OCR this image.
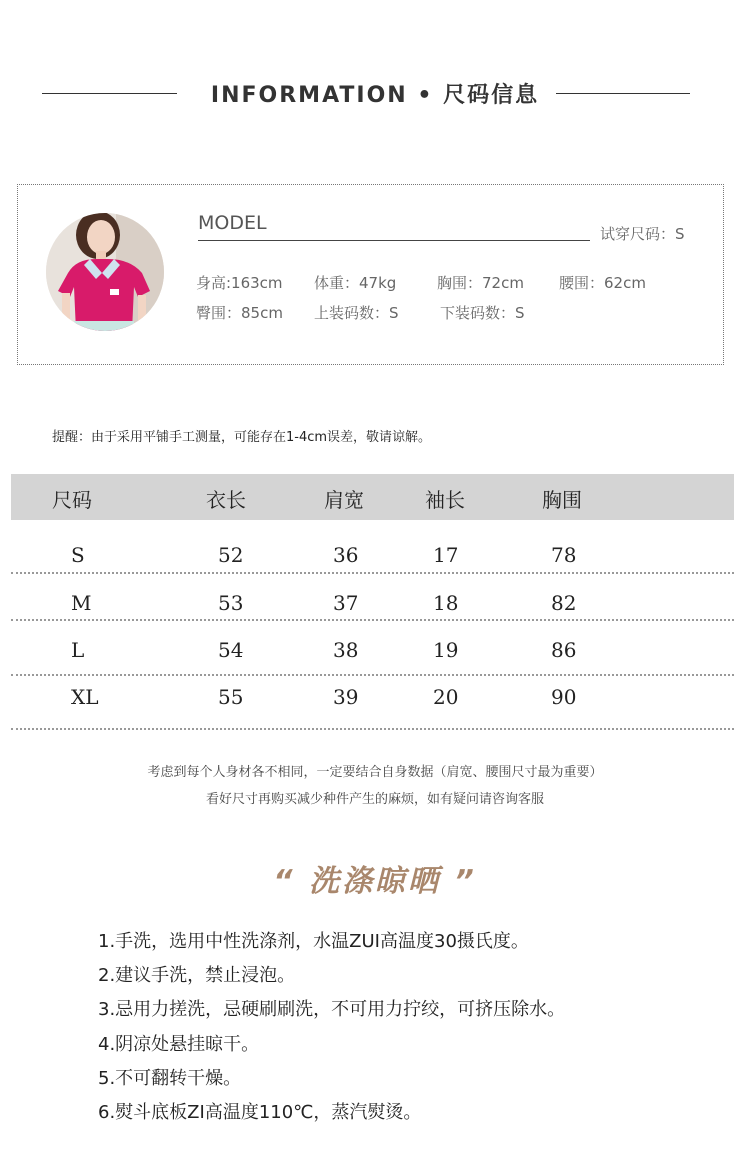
INFORMATION • 尺码信息
MODEL	试穿尺码：S
身高:163cm 体重：47kg	胸围：72cm 腰围：62cm
臀围：85cm 上装码数：S	下装码数：S
提醒：由于采用平铺手工测量，可能存在1-4cm误差，敬请谅解。
尺码	衣长	肩宽	袖长	胸围
S	52	36	17	78
M	53	37	18	82
L	54	38	19	86
XL	55	39	20	90
考虑到每个人身材各不相同，一定要结合自身数据（肩宽、腰围尺寸最为重要）
看好尺寸再购买减少种件产生的麻烦，如有疑问请咨询客服
“ 洗涤晾晒 ”
1.手洗，选用中性洗涤剂，水温ZUI高温度30摄氏度。
2.建议手洗，禁止浸泡。
3.忌用力搓洗，忌硬刷刷洗，不可用力拧绞，可挤压除水。
4.阴凉处悬挂晾干。
5.不可翻转干燥。
6.熨斗底板ZI高温度110℃，蒸汽熨烫。
